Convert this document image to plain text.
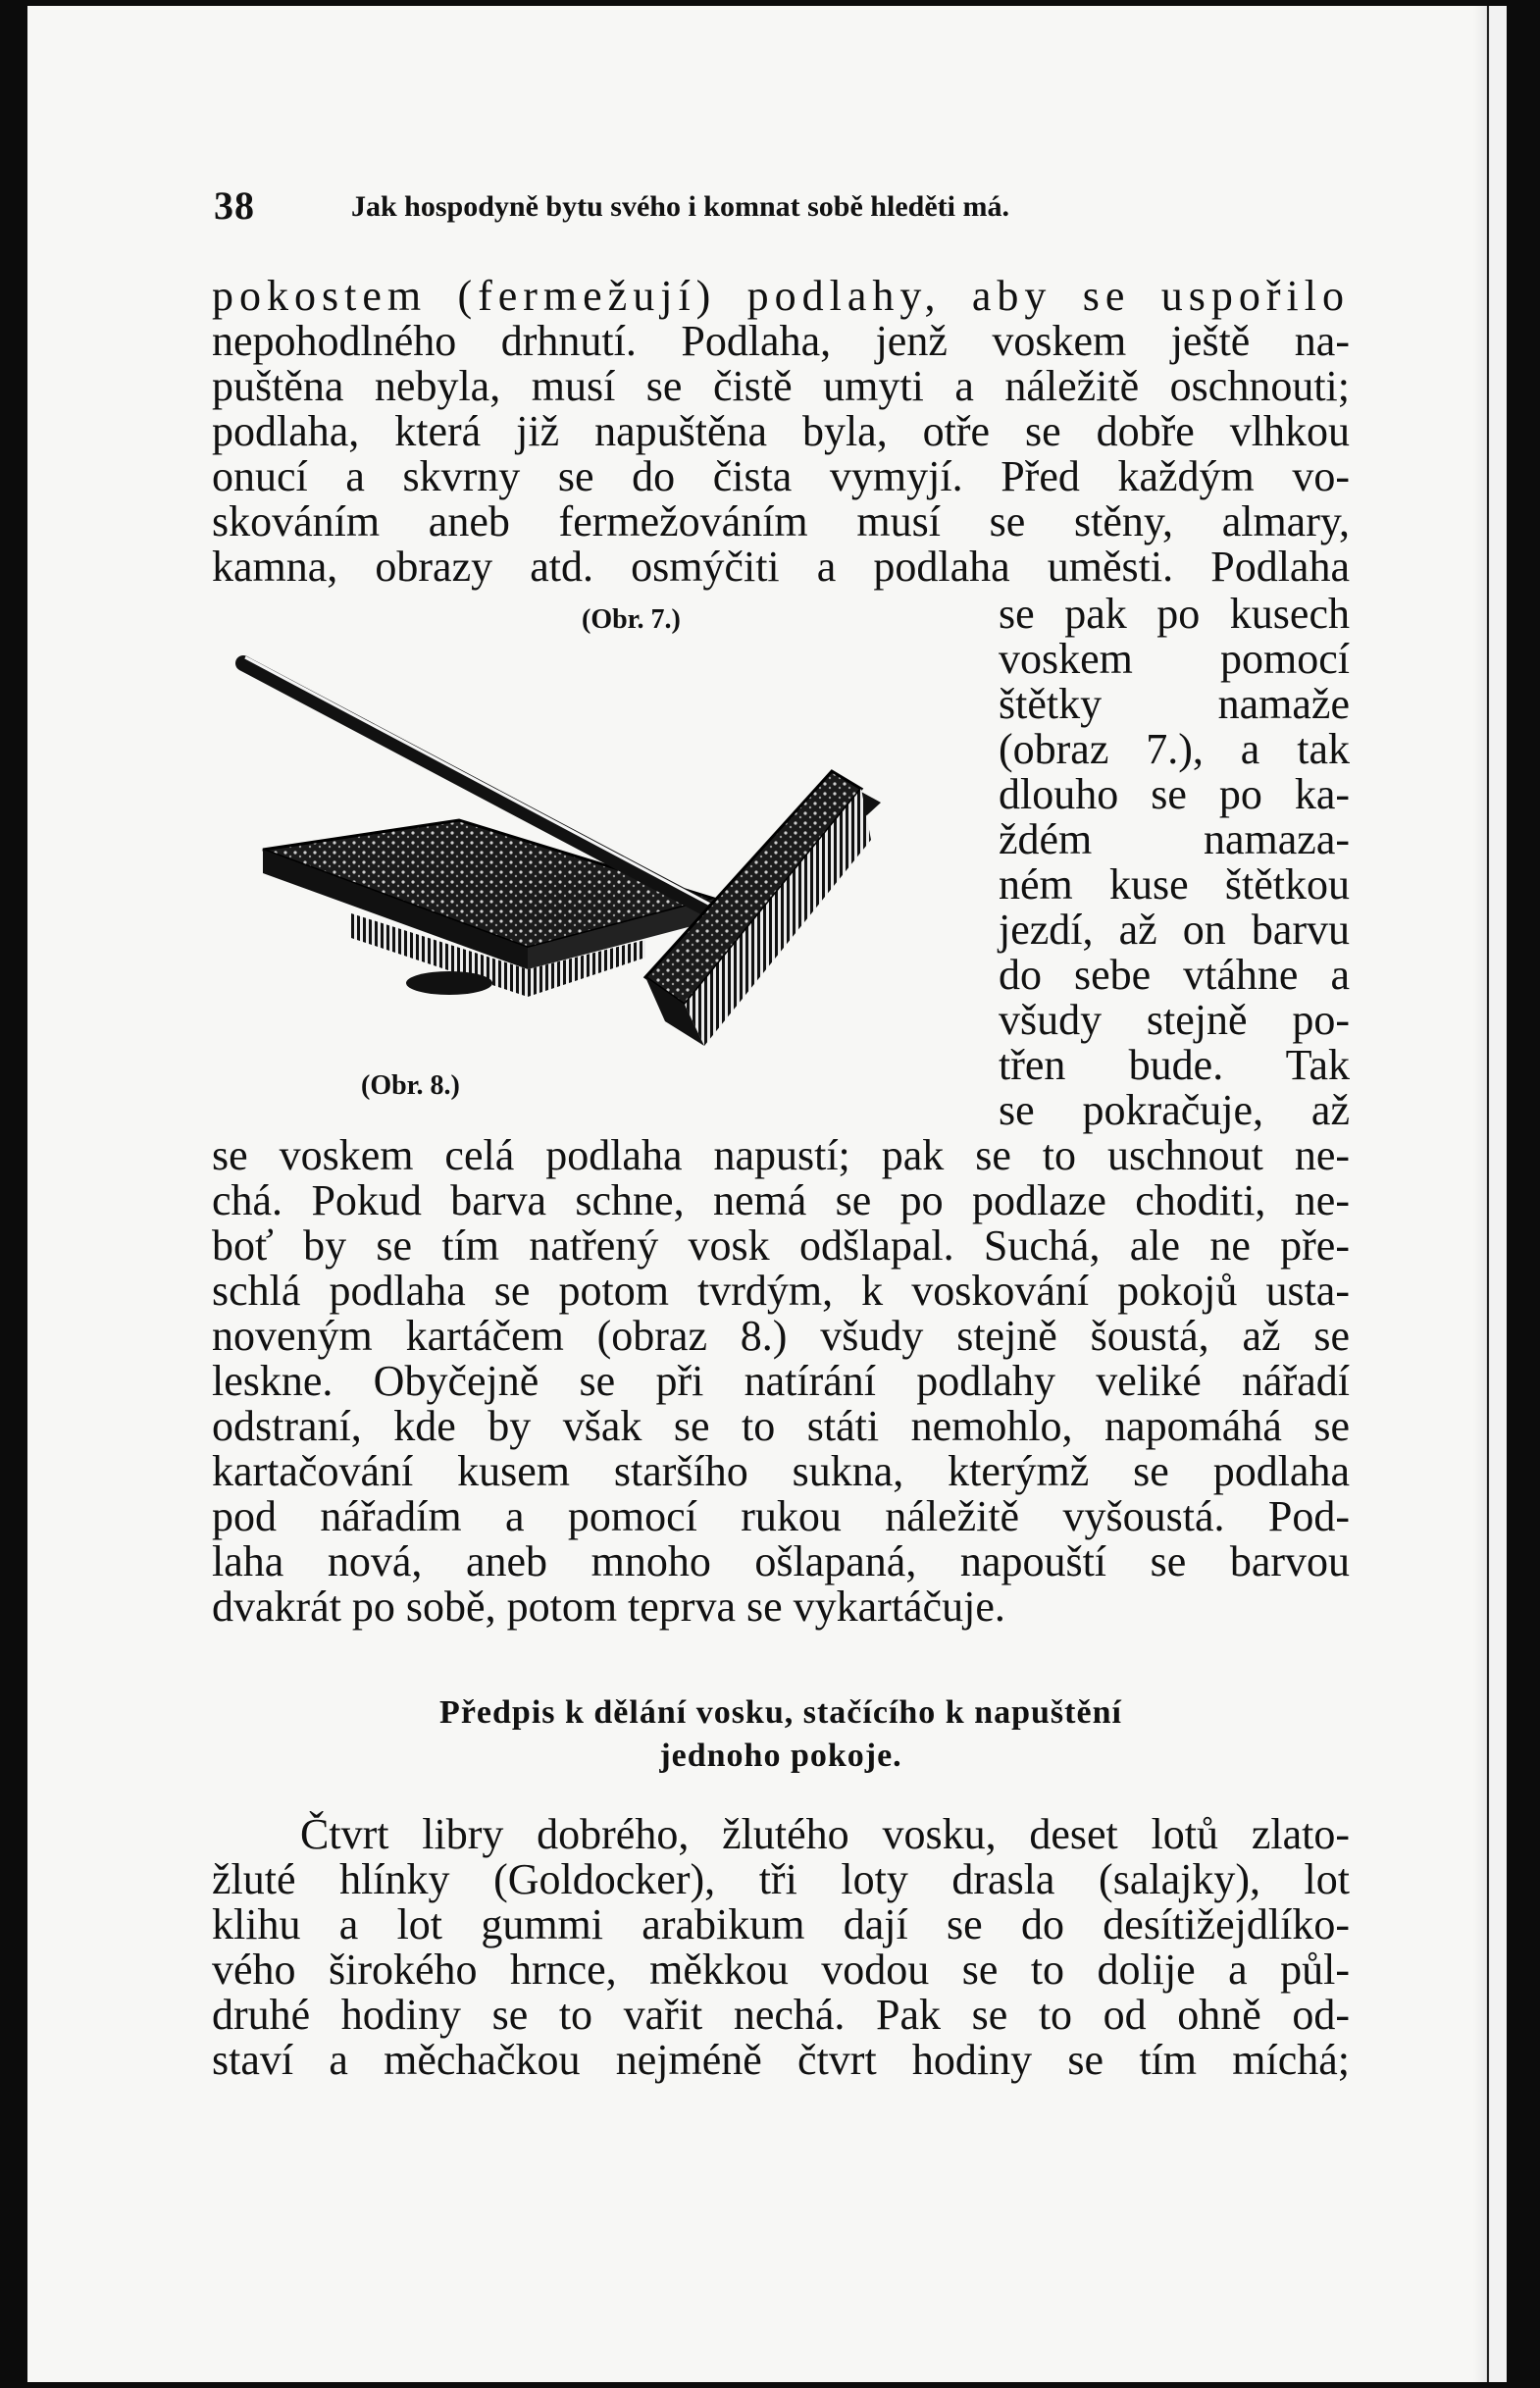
38	Jak hospodyně bytu svého i komnat sobě hleděti má.
pokostem (fermežují) podlahy, aby se uspořilo
nepohodlného drhnutí. Podlaha, jenž voskem ještě na-
puštěna nebyla, musí se čistě umyti a náležitě oschnouti;
podlaha, která již napuštěna byla, otře se dobře vlhkou
onucí a skvrny se do čista vymyjí. Před každým vo-
skováním aneb fermežováním musí se stěny, almary,
kamna, obrazy atd. osmýčiti a podlaha uměsti. Podlaha
(Obr. 7.)	se pak po kusech
voskem pomocí
štětky namaže
(obraz 7.), a tak
dlouho se po ka-
ždém namaza-
ném kuse štětkou
jezdí, až on barvu
do sebe vtáhne a
všudy stejně po-
třen bude. Tak
se pokračuje, až
(Obr. 8.)
se voskem celá podlaha napustí; pak se to uschnout ne-
chá. Pokud barva schne, nemá se po podlaze choditi, ne-
boť by se tím natřený vosk odšlapal. Suchá, ale ne pře-
schlá podlaha se potom tvrdým, k voskování pokojů usta-
noveným kartáčem (obraz 8.) všudy stejně šoustá, až se
leskne. Obyčejně se při natírání podlahy veliké nářadí
odstraní, kde by však se to státi nemohlo, napomáhá se
kartačování kusem staršího sukna, kterýmž se podlaha
pod nářadím a pomocí rukou náležitě vyšoustá. Pod-
laha nová, aneb mnoho ošlapaná, napouští se barvou
dvakrát po sobě, potom teprva se vykartáčuje.
Předpis k dělání vosku, stačícího k napuštění
jednoho pokoje.
Čtvrt libry dobrého, žlutého vosku, deset lotů zlato-
žluté hlínky (Goldocker), tři loty drasla (salajky), lot
klihu a lot gummi arabikum dají se do desítižejdlíko-
vého širokého hrnce, měkkou vodou se to dolije a půl-
druhé hodiny se to vařit nechá. Pak se to od ohně od-
staví a měchačkou nejméně čtvrt hodiny se tím míchá;
